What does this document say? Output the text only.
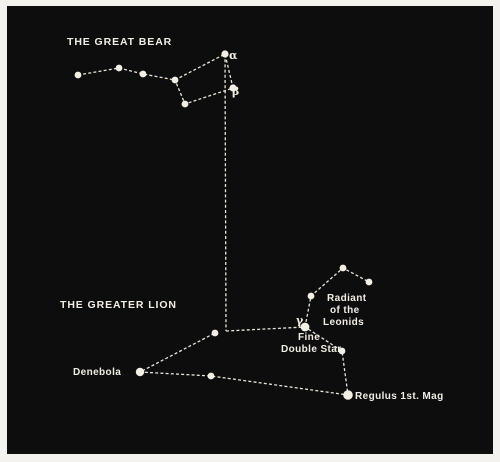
THE GREAT BEAR
α
β
THE GREATER LION
Denebola
γ
Regulus 1st. Mag
Fine
Double Star
Radiant
of the
Leonids
